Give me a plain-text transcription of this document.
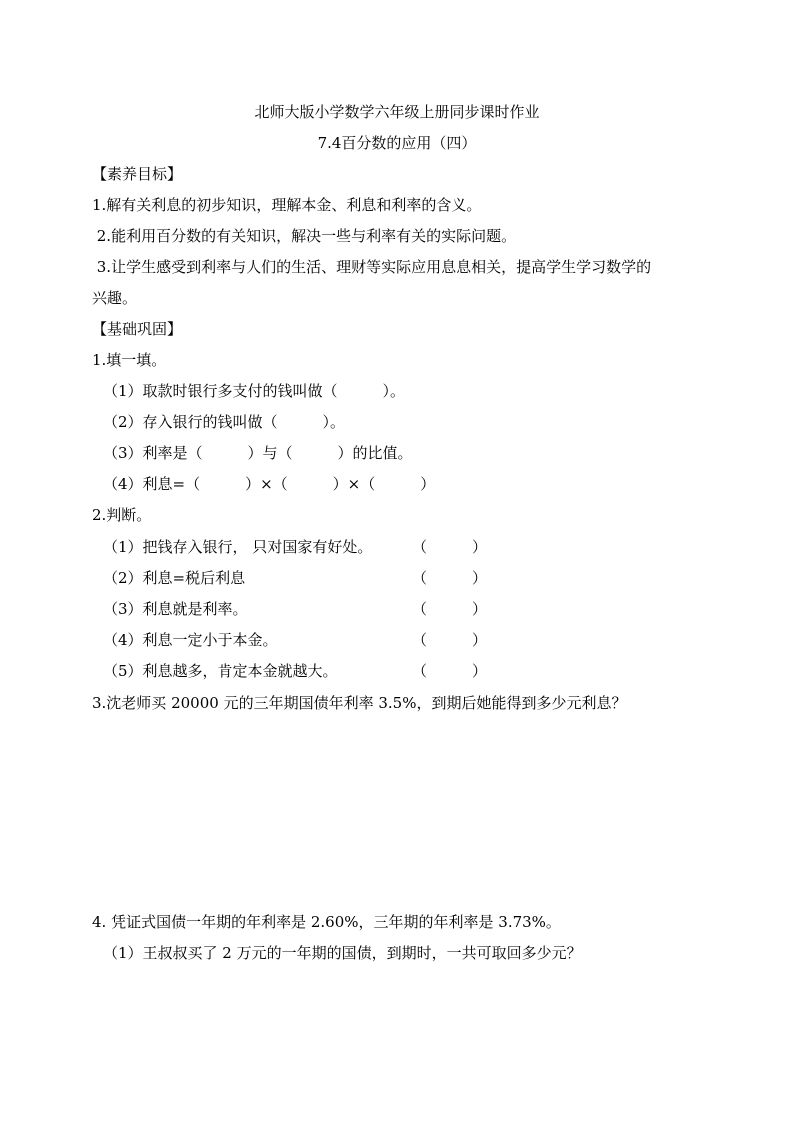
北师大版小学数学六年级上册同步课时作业
7.4百分数的应用（四）
【素养目标】
1.解有关利息的初步知识，理解本金、利息和利率的含义。
2.能利用百分数的有关知识，解决一些与利率有关的实际问题。
3.让学生感受到利率与人们的生活、理财等实际应用息息相关，提高学生学习数学的
兴趣。
【基础巩固】
1.填一填。
（1）取款时银行多支付的钱叫做（　　　）。
（2）存入银行的钱叫做（　　　）。
（3）利率是（　　　）与（　　　）的比值。
（4）利息=（　　　）×（　　　）×（　　　）
2.判断。
（1）把钱存入银行， 只对国家有好处。	（　　　）
（2）利息=税后利息	（　　　）
（3）利息就是利率。	（　　　）
（4）利息一定小于本金。	（　　　）
（5）利息越多，肯定本金就越大。	（　　　）
3.沈老师买 20000 元的三年期国债年利率 3.5%，到期后她能得到多少元利息？
4. 凭证式国债一年期的年利率是 2.60%，三年期的年利率是 3.73%。
（1）王叔叔买了 2 万元的一年期的国债，到期时，一共可取回多少元？
